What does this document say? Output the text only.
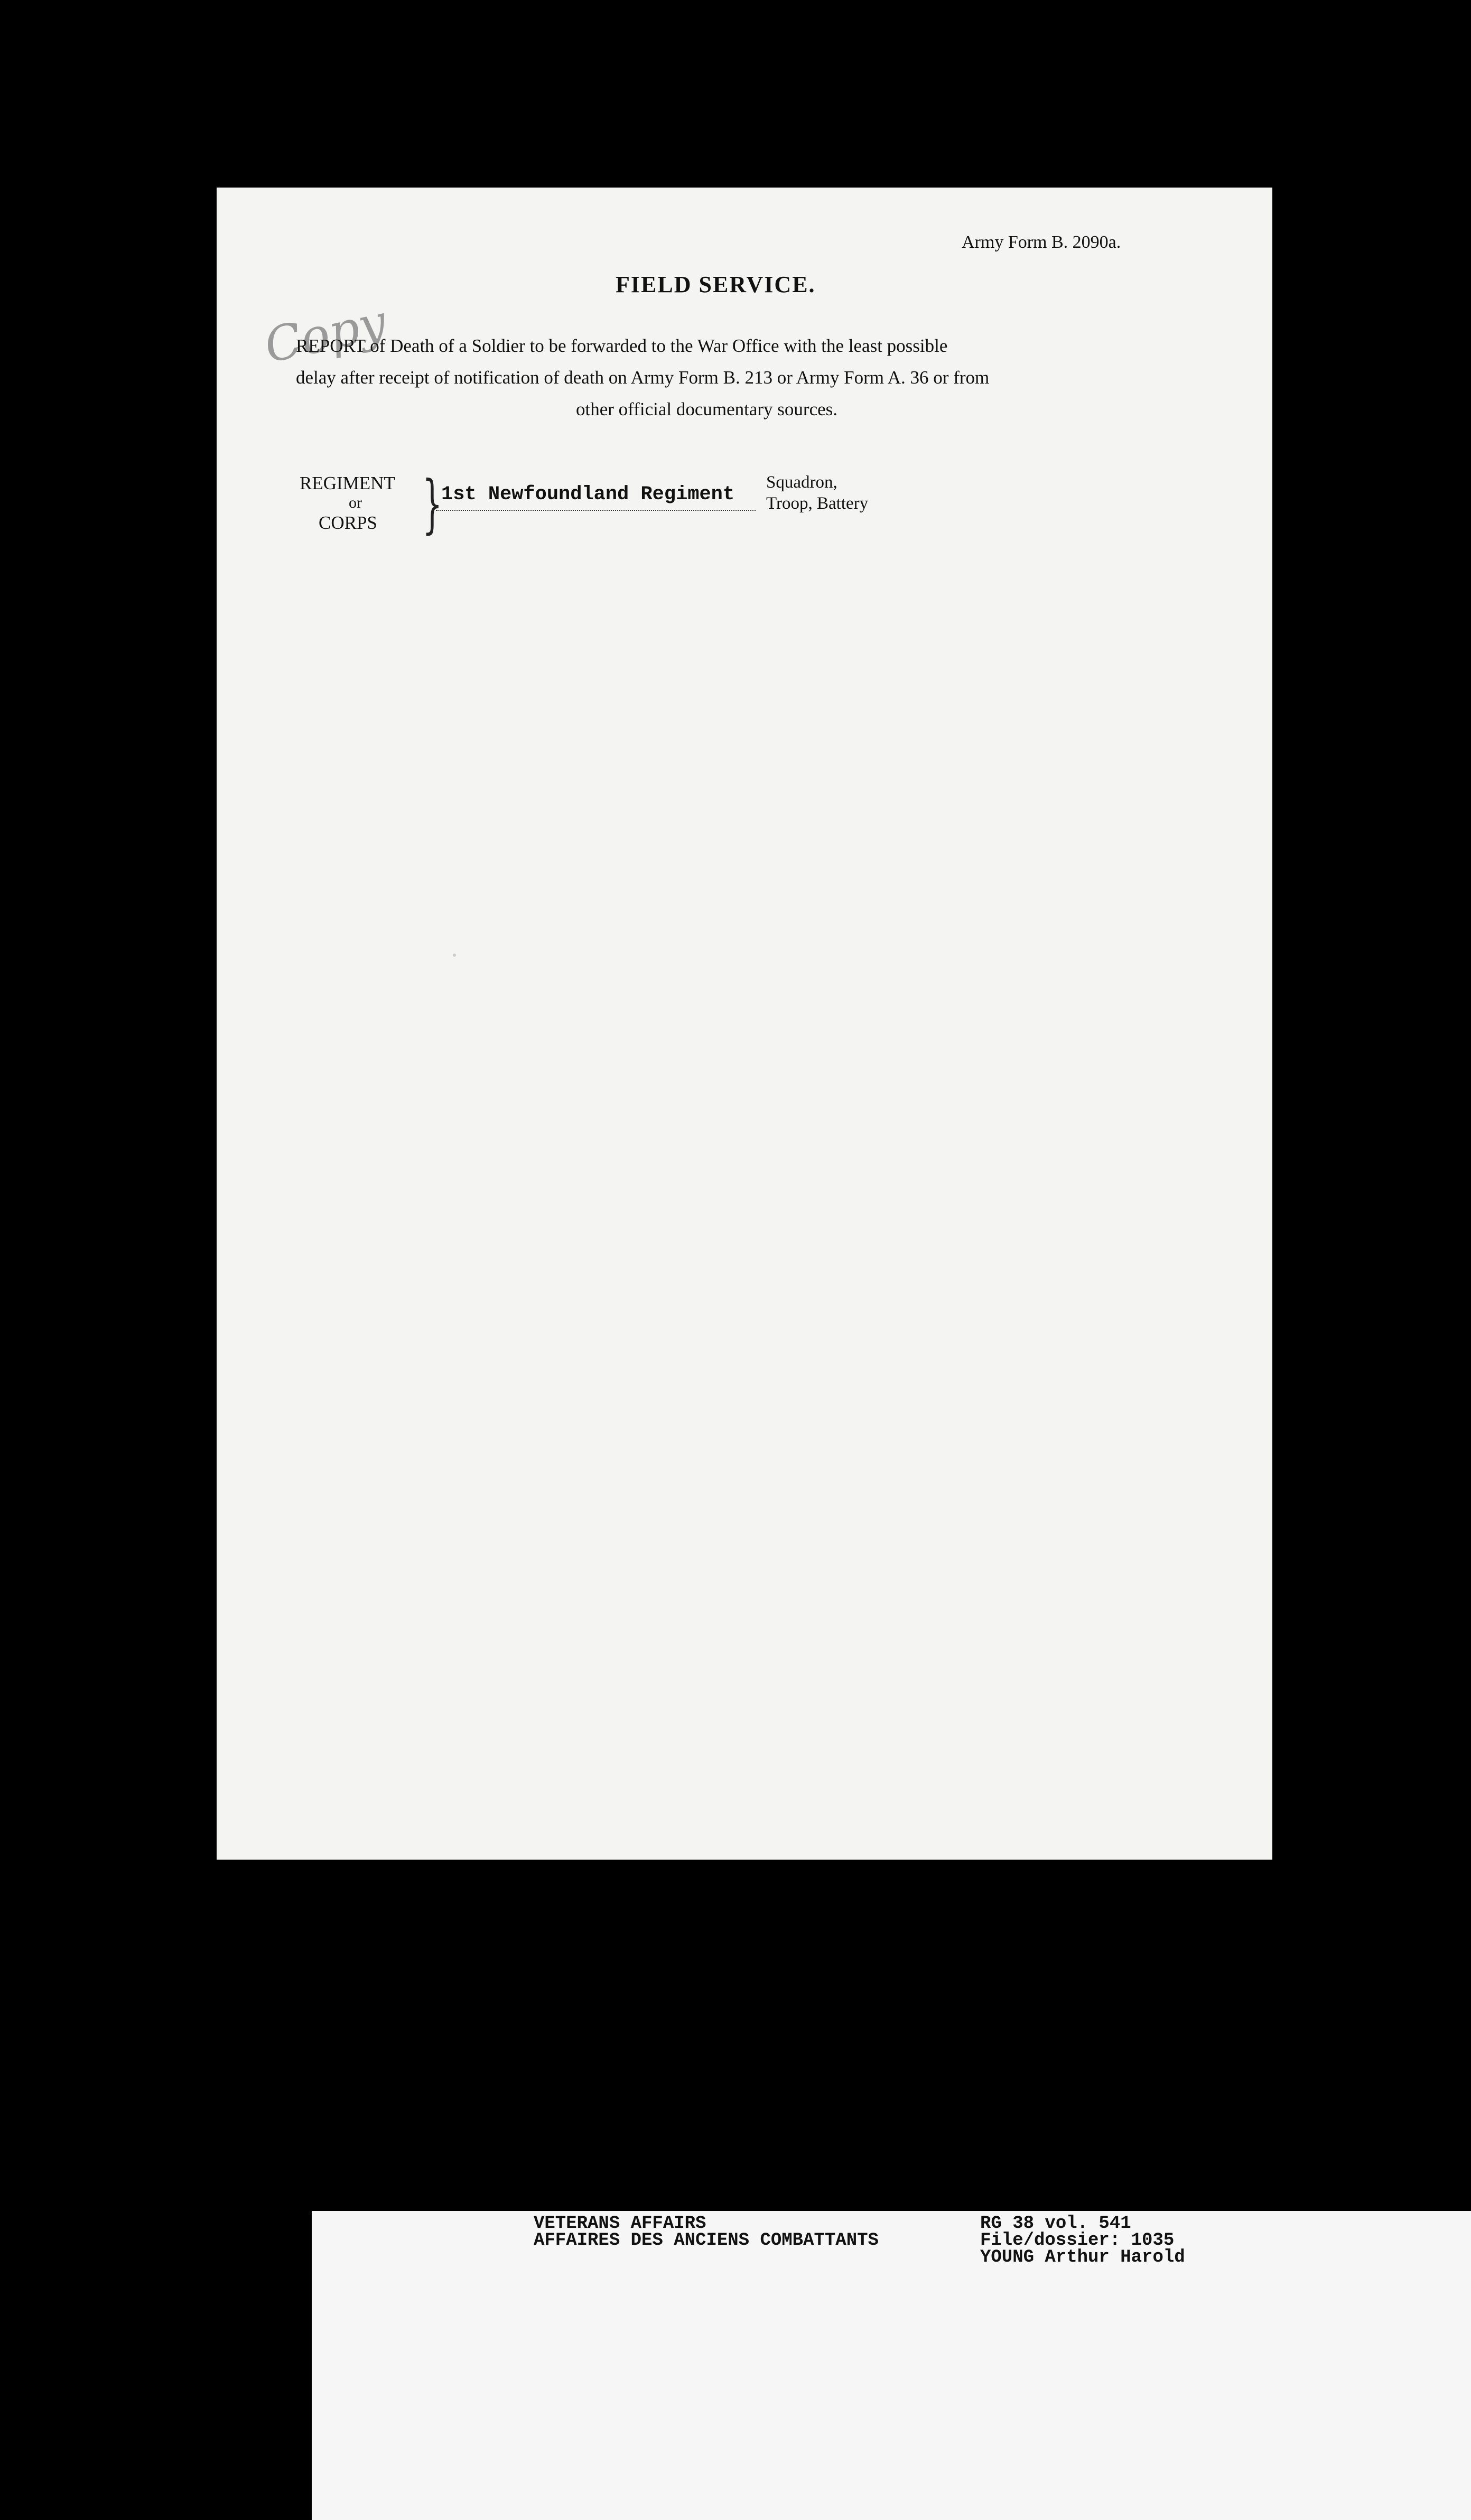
Army Form B. 2090a.
FIELD SERVICE.
Copy
REPORT of Death of a Soldier to be forwarded to the War Office with the least possible
delay after receipt of notification of death on Army Form B. 213 or Army Form A. 36 or from
other official documentary sources.
REGIMENT
or
CORPS }
1st Newfoundland Regiment
Squadron,
Troop, Battery
VETERANS AFFAIRS
AFFAIRES DES ANCIENS COMBATTANTS
RG 38 vol. 541
File/dossier: 1035
YOUNG Arthur Harold
